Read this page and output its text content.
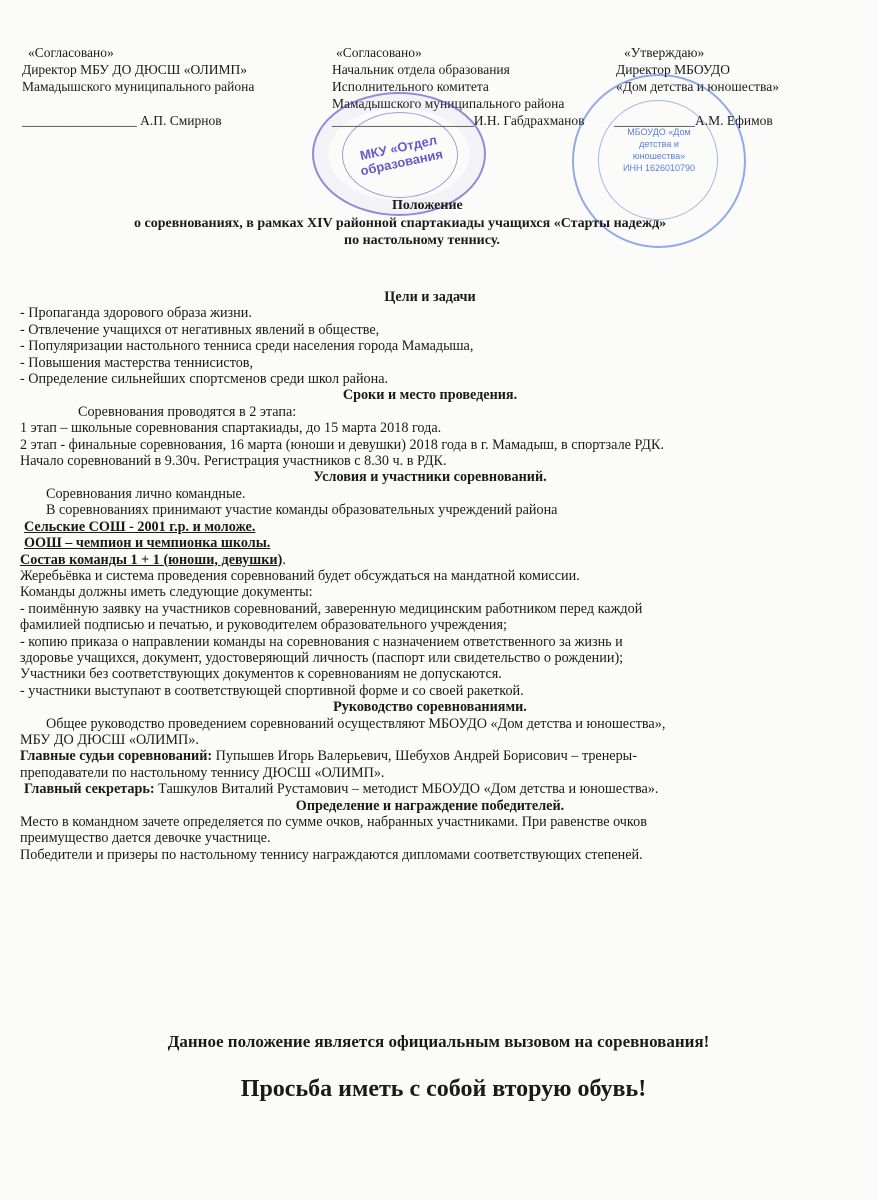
«Согласовано»
Директор МБУ ДО ДЮСШ «ОЛИМП»
Мамадышского муниципального района
_________________ А.П. Смирнов
«Согласовано»
Начальник отдела образования
Исполнительного комитета
Мамадышского муниципального района
_____________________И.Н. Габдрахманов
«Утверждаю»
Директор МБОУДО
«Дом детства и юношества»
____________А.М. Ефимов
МКУ «Отдел образования
МБОУДО «Дом детства и юношества» ИНН 1626010790
Положение
о соревнованиях, в рамках XIV районной спартакиады учащихся «Старты надежд»
по настольному теннису.
Цели и задачи
- Пропаганда здорового образа жизни.
- Отвлечение учащихся от негативных явлений в обществе,
- Популяризации настольного тенниса среди населения города Мамадыша,
- Повышения мастерства теннисистов,
- Определение сильнейших спортсменов среди школ района.
Сроки и место проведения.
Соревнования проводятся в 2 этапа:
1 этап – школьные соревнования спартакиады, до 15 марта 2018 года.
2 этап - финальные соревнования, 16 марта (юноши и девушки) 2018 года в г. Мамадыш, в спортзале РДК.
Начало соревнований в 9.30ч. Регистрация участников с 8.30 ч. в РДК.
Условия и участники соревнований.
Соревнования лично командные.
В соревнованиях принимают участие команды образовательных учреждений района
Сельские СОШ - 2001 г.р. и моложе.
ООШ – чемпион и чемпионка школы.
Состав команды 1 + 1 (юноши, девушки).
Жеребьёвка и система проведения соревнований будет обсуждаться на мандатной комиссии.
Команды должны иметь следующие документы:
- поимённую заявку на участников соревнований, заверенную медицинским работником перед каждой
фамилией подписью и печатью, и руководителем образовательного учреждения;
- копию приказа о направлении команды на соревнования с назначением ответственного за жизнь и
здоровье учащихся, документ, удостоверяющий личность (паспорт или свидетельство о рождении);
Участники без соответствующих документов к соревнованиям не допускаются.
- участники выступают в соответствующей спортивной форме и со своей ракеткой.
Руководство соревнованиями.
Общее руководство проведением соревнований осуществляют МБОУДО «Дом детства и юношества»,
МБУ ДО ДЮСШ «ОЛИМП».
Главные судьи соревнований: Пупышев Игорь Валерьевич, Шебухов Андрей Борисович – тренеры-
преподаватели по настольному теннису ДЮСШ «ОЛИМП».
Главный секретарь: Ташкулов Виталий Рустамович – методист МБОУДО «Дом детства и юношества».
Определение и награждение победителей.
Место в командном зачете определяется по сумме очков, набранных участниками. При равенстве очков
преимущество дается девочке участнице.
Победители и призеры по настольному теннису награждаются дипломами соответствующих степеней.
Данное положение является официальным вызовом на соревнования!
Просьба иметь с собой вторую обувь!
